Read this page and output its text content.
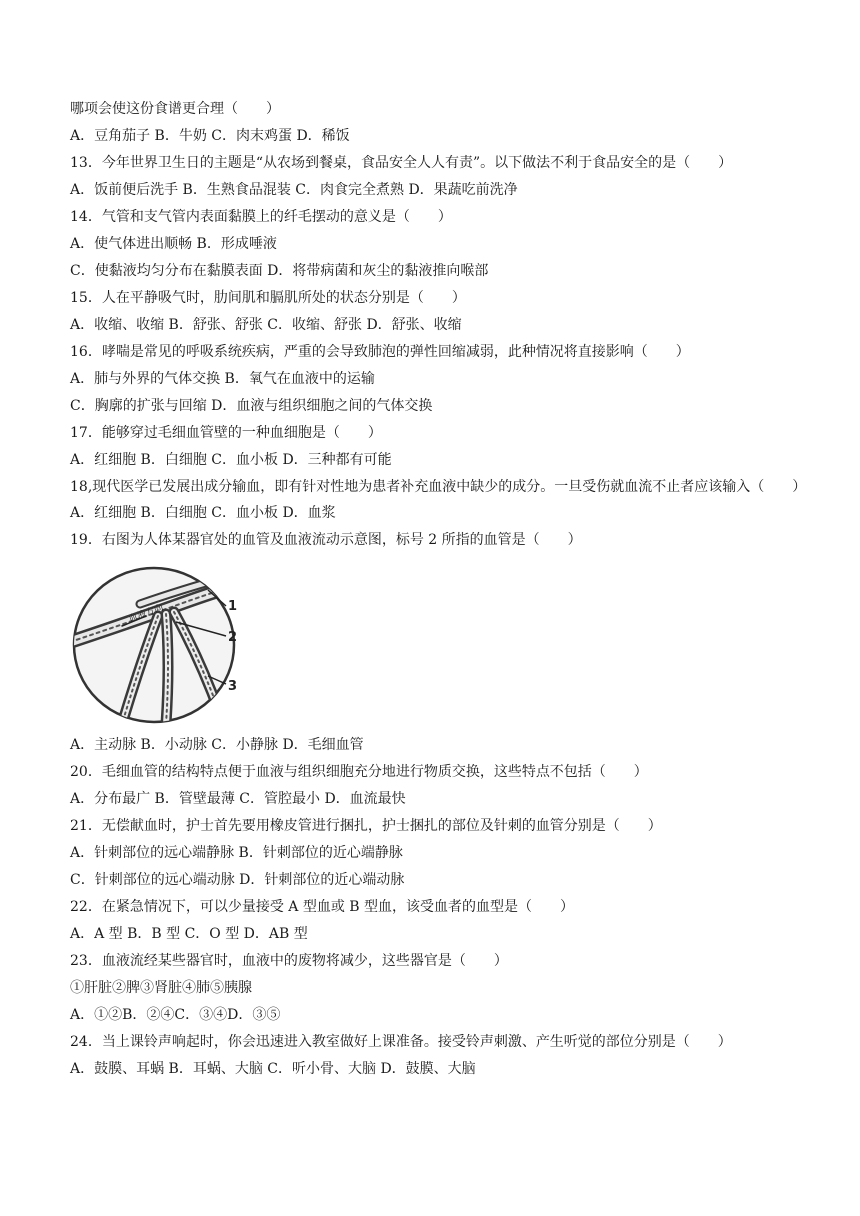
哪项会使这份食谱更合理（　　）
A．豆角茄子 B．牛奶 C．肉末鸡蛋 D．稀饭
13．今年世界卫生日的主题是“从农场到餐桌，食品安全人人有责”。以下做法不利于食品安全的是（　　）
A．饭前便后洗手 B．生熟食品混装 C．肉食完全煮熟 D．果蔬吃前洗净
14．气管和支气管内表面黏膜上的纤毛摆动的意义是（　　）
A．使气体进出顺畅 B．形成唾液
C．使黏液均匀分布在黏膜表面 D．将带病菌和灰尘的黏液推向喉部
15．人在平静吸气时，肋间肌和膈肌所处的状态分别是（　　）
A．收缩、收缩 B．舒张、舒张 C．收缩、舒张 D．舒张、收缩
16．哮喘是常见的呼吸系统疾病，严重的会导致肺泡的弹性回缩减弱，此种情况将直接影响（　　）
A．肺与外界的气体交换 B．氧气在血液中的运输
C．胸廓的扩张与回缩 D．血液与组织细胞之间的气体交换
17．能够穿过毛细血管壁的一种血细胞是（　　）
A．红细胞 B．白细胞 C．血小板 D．三种都有可能
18,现代医学已发展出成分输血，即有针对性地为患者补充血液中缺少的成分。一旦受伤就血流不止者应该输入（　　）
A．红细胞 B．白细胞 C．血小板 D．血浆
19．右图为人体某器官处的血管及血液流动示意图，标号 2 所指的血管是（　　）
血液方向	1
2
3
A．主动脉 B．小动脉 C．小静脉 D．毛细血管
20．毛细血管的结构特点便于血液与组织细胞充分地进行物质交换，这些特点不包括（　　）
A．分布最广 B．管壁最薄 C．管腔最小 D．血流最快
21．无偿献血时，护士首先要用橡皮管进行捆扎，护士捆扎的部位及针刺的血管分别是（　　）
A．针刺部位的远心端静脉 B．针刺部位的近心端静脉
C．针刺部位的远心端动脉 D．针刺部位的近心端动脉
22．在紧急情况下，可以少量接受 A 型血或 B 型血，该受血者的血型是（　　）
A．A 型 B．B 型 C．O 型 D．AB 型
23．血液流经某些器官时，血液中的废物将减少，这些器官是（　　）
①肝脏②脾③肾脏④肺⑤胰腺
A．①②B．②④C．③④D．③⑤
24．当上课铃声响起时，你会迅速进入教室做好上课准备。接受铃声刺激、产生听觉的部位分别是（　　）
A．鼓膜、耳蜗 B．耳蜗、大脑 C．听小骨、大脑 D．鼓膜、大脑
